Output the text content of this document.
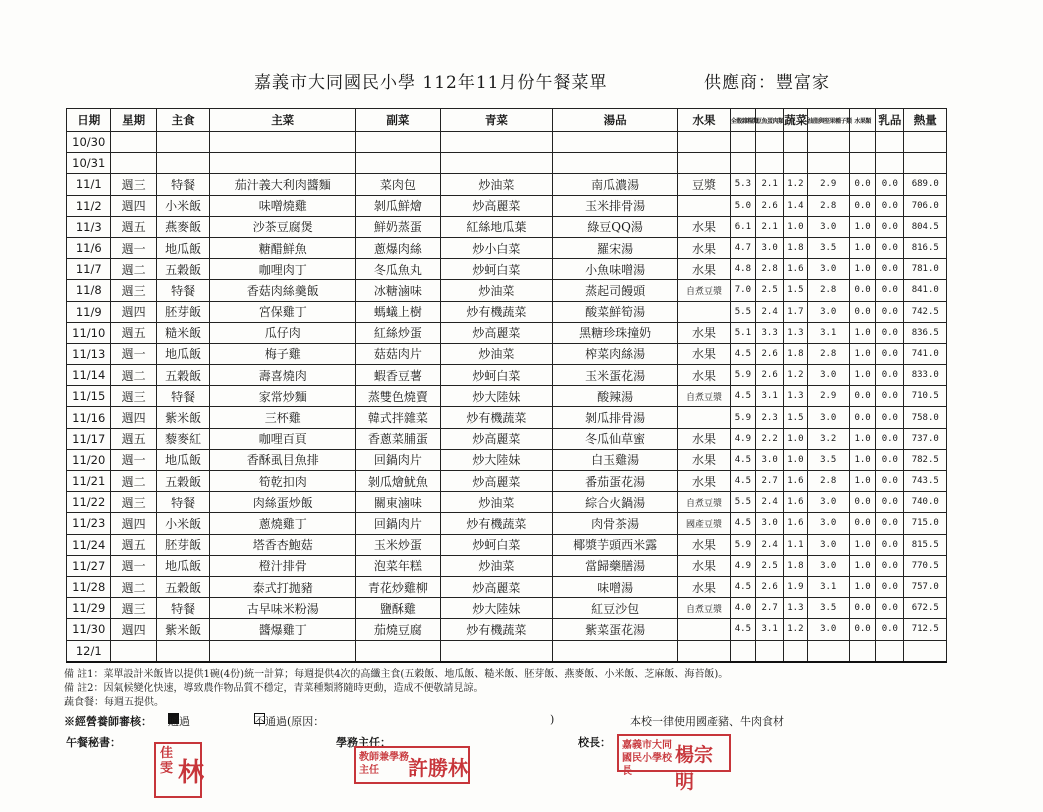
嘉義市大同國民小學 112年11月份午餐菜單	供應商：豐富家
日期	星期	主食	主菜	副菜	青菜	湯品	水果	全穀雜糧類	豆魚蛋肉類	蔬菜	油脂與堅果種子類	水果類	乳品	熱量
10/30														
10/31														
11/1	週三	特餐	茄汁義大利肉醬麵	菜肉包	炒油菜	南瓜濃湯	豆漿	5.3	2.1	1.2	2.9	0.0	0.0	689.0
11/2	週四	小米飯	味噌燒雞	剝瓜鮮燴	炒高麗菜	玉米排骨湯		5.0	2.6	1.4	2.8	0.0	0.0	706.0
11/3	週五	燕麥飯	沙茶豆腐煲	鮮奶蒸蛋	紅絲地瓜葉	綠豆QQ湯	水果	6.1	2.1	1.0	3.0	1.0	0.0	804.5
11/6	週一	地瓜飯	糖醋鮮魚	蔥爆肉絲	炒小白菜	羅宋湯	水果	4.7	3.0	1.8	3.5	1.0	0.0	816.5
11/7	週二	五穀飯	咖哩肉丁	冬瓜魚丸	炒蚵白菜	小魚味噌湯	水果	4.8	2.8	1.6	3.0	1.0	0.0	781.0
11/8	週三	特餐	香菇肉絲羹飯	冰糖滷味	炒油菜	蒸起司饅頭	自煮豆漿	7.0	2.5	1.5	2.8	0.0	0.0	841.0
11/9	週四	胚芽飯	宮保雞丁	螞蟻上樹	炒有機蔬菜	酸菜鮮筍湯		5.5	2.4	1.7	3.0	0.0	0.0	742.5
11/10	週五	糙米飯	瓜仔肉	紅絲炒蛋	炒高麗菜	黑糖珍珠撞奶	水果	5.1	3.3	1.3	3.1	1.0	0.0	836.5
11/13	週一	地瓜飯	梅子雞	菇菇肉片	炒油菜	榨菜肉絲湯	水果	4.5	2.6	1.8	2.8	1.0	0.0	741.0
11/14	週二	五穀飯	壽喜燒肉	蝦香豆薯	炒蚵白菜	玉米蛋花湯	水果	5.9	2.6	1.2	3.0	1.0	0.0	833.0
11/15	週三	特餐	家常炒麵	蒸雙色燒賣	炒大陸妹	酸辣湯	自煮豆漿	4.5	3.1	1.3	2.9	0.0	0.0	710.5
11/16	週四	紫米飯	三杯雞	韓式拌雜菜	炒有機蔬菜	剝瓜排骨湯		5.9	2.3	1.5	3.0	0.0	0.0	758.0
11/17	週五	藜麥紅	咖哩百頁	香蔥菜脯蛋	炒高麗菜	冬瓜仙草蜜	水果	4.9	2.2	1.0	3.2	1.0	0.0	737.0
11/20	週一	地瓜飯	香酥虱目魚排	回鍋肉片	炒大陸妹	白玉雞湯	水果	4.5	3.0	1.0	3.5	1.0	0.0	782.5
11/21	週二	五穀飯	筍乾扣肉	剝瓜燴魷魚	炒高麗菜	番茄蛋花湯	水果	4.5	2.7	1.6	2.8	1.0	0.0	743.5
11/22	週三	特餐	肉絲蛋炒飯	關東滷味	炒油菜	綜合火鍋湯	自煮豆漿	5.5	2.4	1.6	3.0	0.0	0.0	740.0
11/23	週四	小米飯	蔥燒雞丁	回鍋肉片	炒有機蔬菜	肉骨茶湯	國產豆漿	4.5	3.0	1.6	3.0	0.0	0.0	715.0
11/24	週五	胚芽飯	塔香杏鮑菇	玉米炒蛋	炒蚵白菜	椰漿芋頭西米露	水果	5.9	2.4	1.1	3.0	1.0	0.0	815.5
11/27	週一	地瓜飯	橙汁排骨	泡菜年糕	炒油菜	當歸藥膳湯	水果	4.9	2.5	1.8	3.0	1.0	0.0	770.5
11/28	週二	五穀飯	泰式打拋豬	青花炒雞柳	炒高麗菜	味噌湯	水果	4.5	2.6	1.9	3.1	1.0	0.0	757.0
11/29	週三	特餐	古早味米粉湯	鹽酥雞	炒大陸妹	紅豆沙包	自煮豆漿	4.0	2.7	1.3	3.5	0.0	0.0	672.5
11/30	週四	紫米飯	醬爆雞丁	茄燒豆腐	炒有機蔬菜	紫菜蛋花湯		4.5	3.1	1.2	3.0	0.0	0.0	712.5
12/1														
備 註1：菜單設計米飯皆以提供1碗(4份)統一計算；每週提供4次的高纖主食(五穀飯、地瓜飯、糙米飯、胚芽飯、燕麥飯、小米飯、芝麻飯、海苔飯)。
備 註2：因氣候變化快速，導致農作物品質不穩定，青菜種類將隨時更動，造成不便敬請見諒。
蔬食餐：每週五提供。
※經營養師審核： 通過	不通過(原因：	)	本校一律使用國產豬、牛肉食材
午餐秘書：	學務主任：	校長：
佳雯 林
教師兼學務主任	許勝林
嘉義市大同國民小學校長
楊宗明
